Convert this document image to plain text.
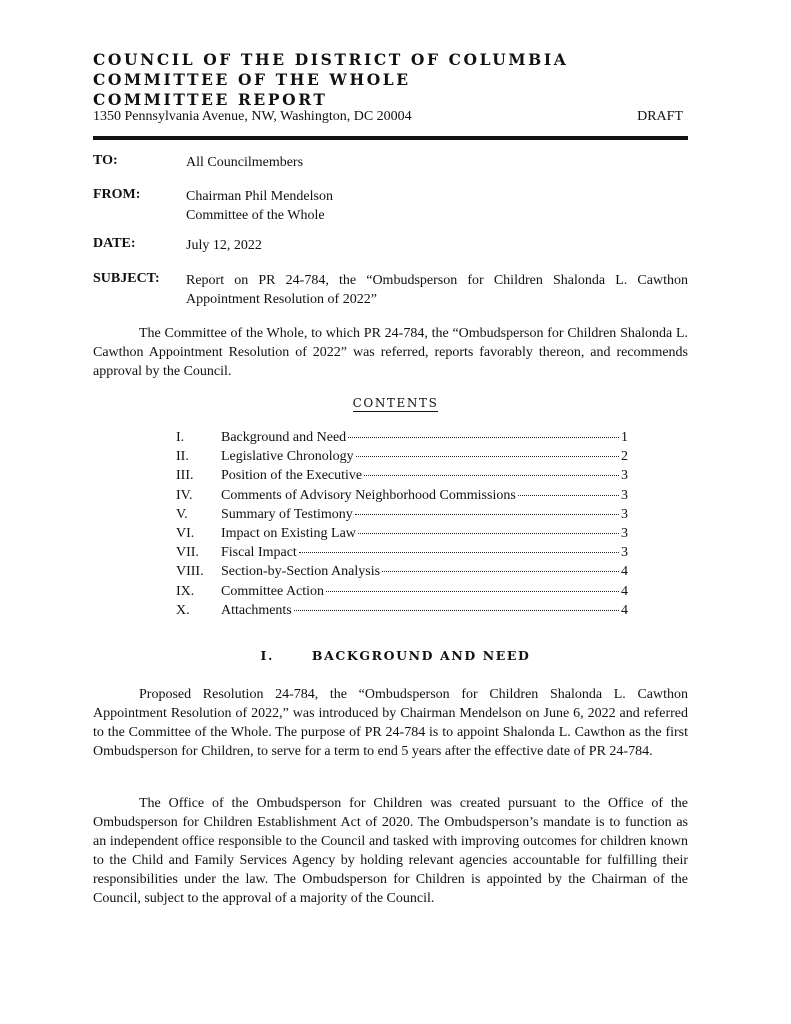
COUNCIL OF THE DISTRICT OF COLUMBIA
COMMITTEE OF THE WHOLE
COMMITTEE REPORT
1350 Pennsylvania Avenue, NW, Washington, DC 20004	DRAFT
TO:	All Councilmembers
FROM:	Chairman Phil Mendelson
Committee of the Whole
DATE:	July 12, 2022
SUBJECT: Report on PR 24-784, the “Ombudsperson for Children Shalonda L. Cawthon Appointment Resolution of 2022”
The Committee of the Whole, to which PR 24-784, the “Ombudsperson for Children Shalonda L. Cawthon Appointment Resolution of 2022” was referred, reports favorably thereon, and recommends approval by the Council.
CONTENTS
I.	Background and Need	1
II. Legislative Chronology	2
III. Position of the Executive	3
IV. Comments of Advisory Neighborhood Commissions	3
V. Summary of Testimony	3
VI. Impact on Existing Law	3
VII. Fiscal Impact	3
VIII. Section-by-Section Analysis	4
IX. Committee Action	4
X. Attachments	4
I.	BACKGROUND AND NEED
Proposed Resolution 24-784, the “Ombudsperson for Children Shalonda L. Cawthon Appointment Resolution of 2022,” was introduced by Chairman Mendelson on June 6, 2022 and referred to the Committee of the Whole. The purpose of PR 24-784 is to appoint Shalonda L. Cawthon as the first Ombudsperson for Children, to serve for a term to end 5 years after the effective date of PR 24-784.
The Office of the Ombudsperson for Children was created pursuant to the Office of the Ombudsperson for Children Establishment Act of 2020. The Ombudsperson’s mandate is to function as an independent office responsible to the Council and tasked with improving outcomes for children known to the Child and Family Services Agency by holding relevant agencies accountable for fulfilling their responsibilities under the law. The Ombudsperson for Children is appointed by the Chairman of the Council, subject to the approval of a majority of the Council.
